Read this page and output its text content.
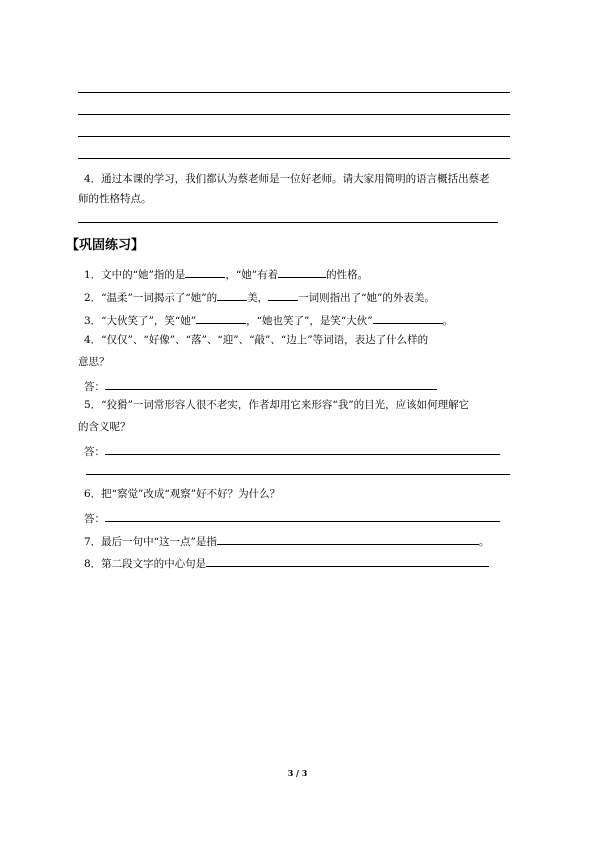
4．通过本课的学习，我们都认为蔡老师是一位好老师。请大家用简明的语言概括出蔡老
师的性格特点。
【巩固练习】
1．文中的“她”指的是	，“她”有着	的性格。
2．“温柔”一词揭示了“她”的	美，	一词则指出了“她”的外表美。
3．“大伙笑了”，笑“她”	，“她也笑了”，是笑“大伙”	。
4．“仅仅”、“好像”、“落”、“迎”、“敲”、“边上”等词语，表达了什么样的
意思？
答：
5．“狡猾”一词常形容人很不老实，作者却用它来形容“我”的目光，应该如何理解它
的含义呢？
答：
6．把“察觉”改成“观察”好不好？为什么？
答：
7．最后一句中“这一点”是指	。
8．第二段文字的中心句是
3 / 3
